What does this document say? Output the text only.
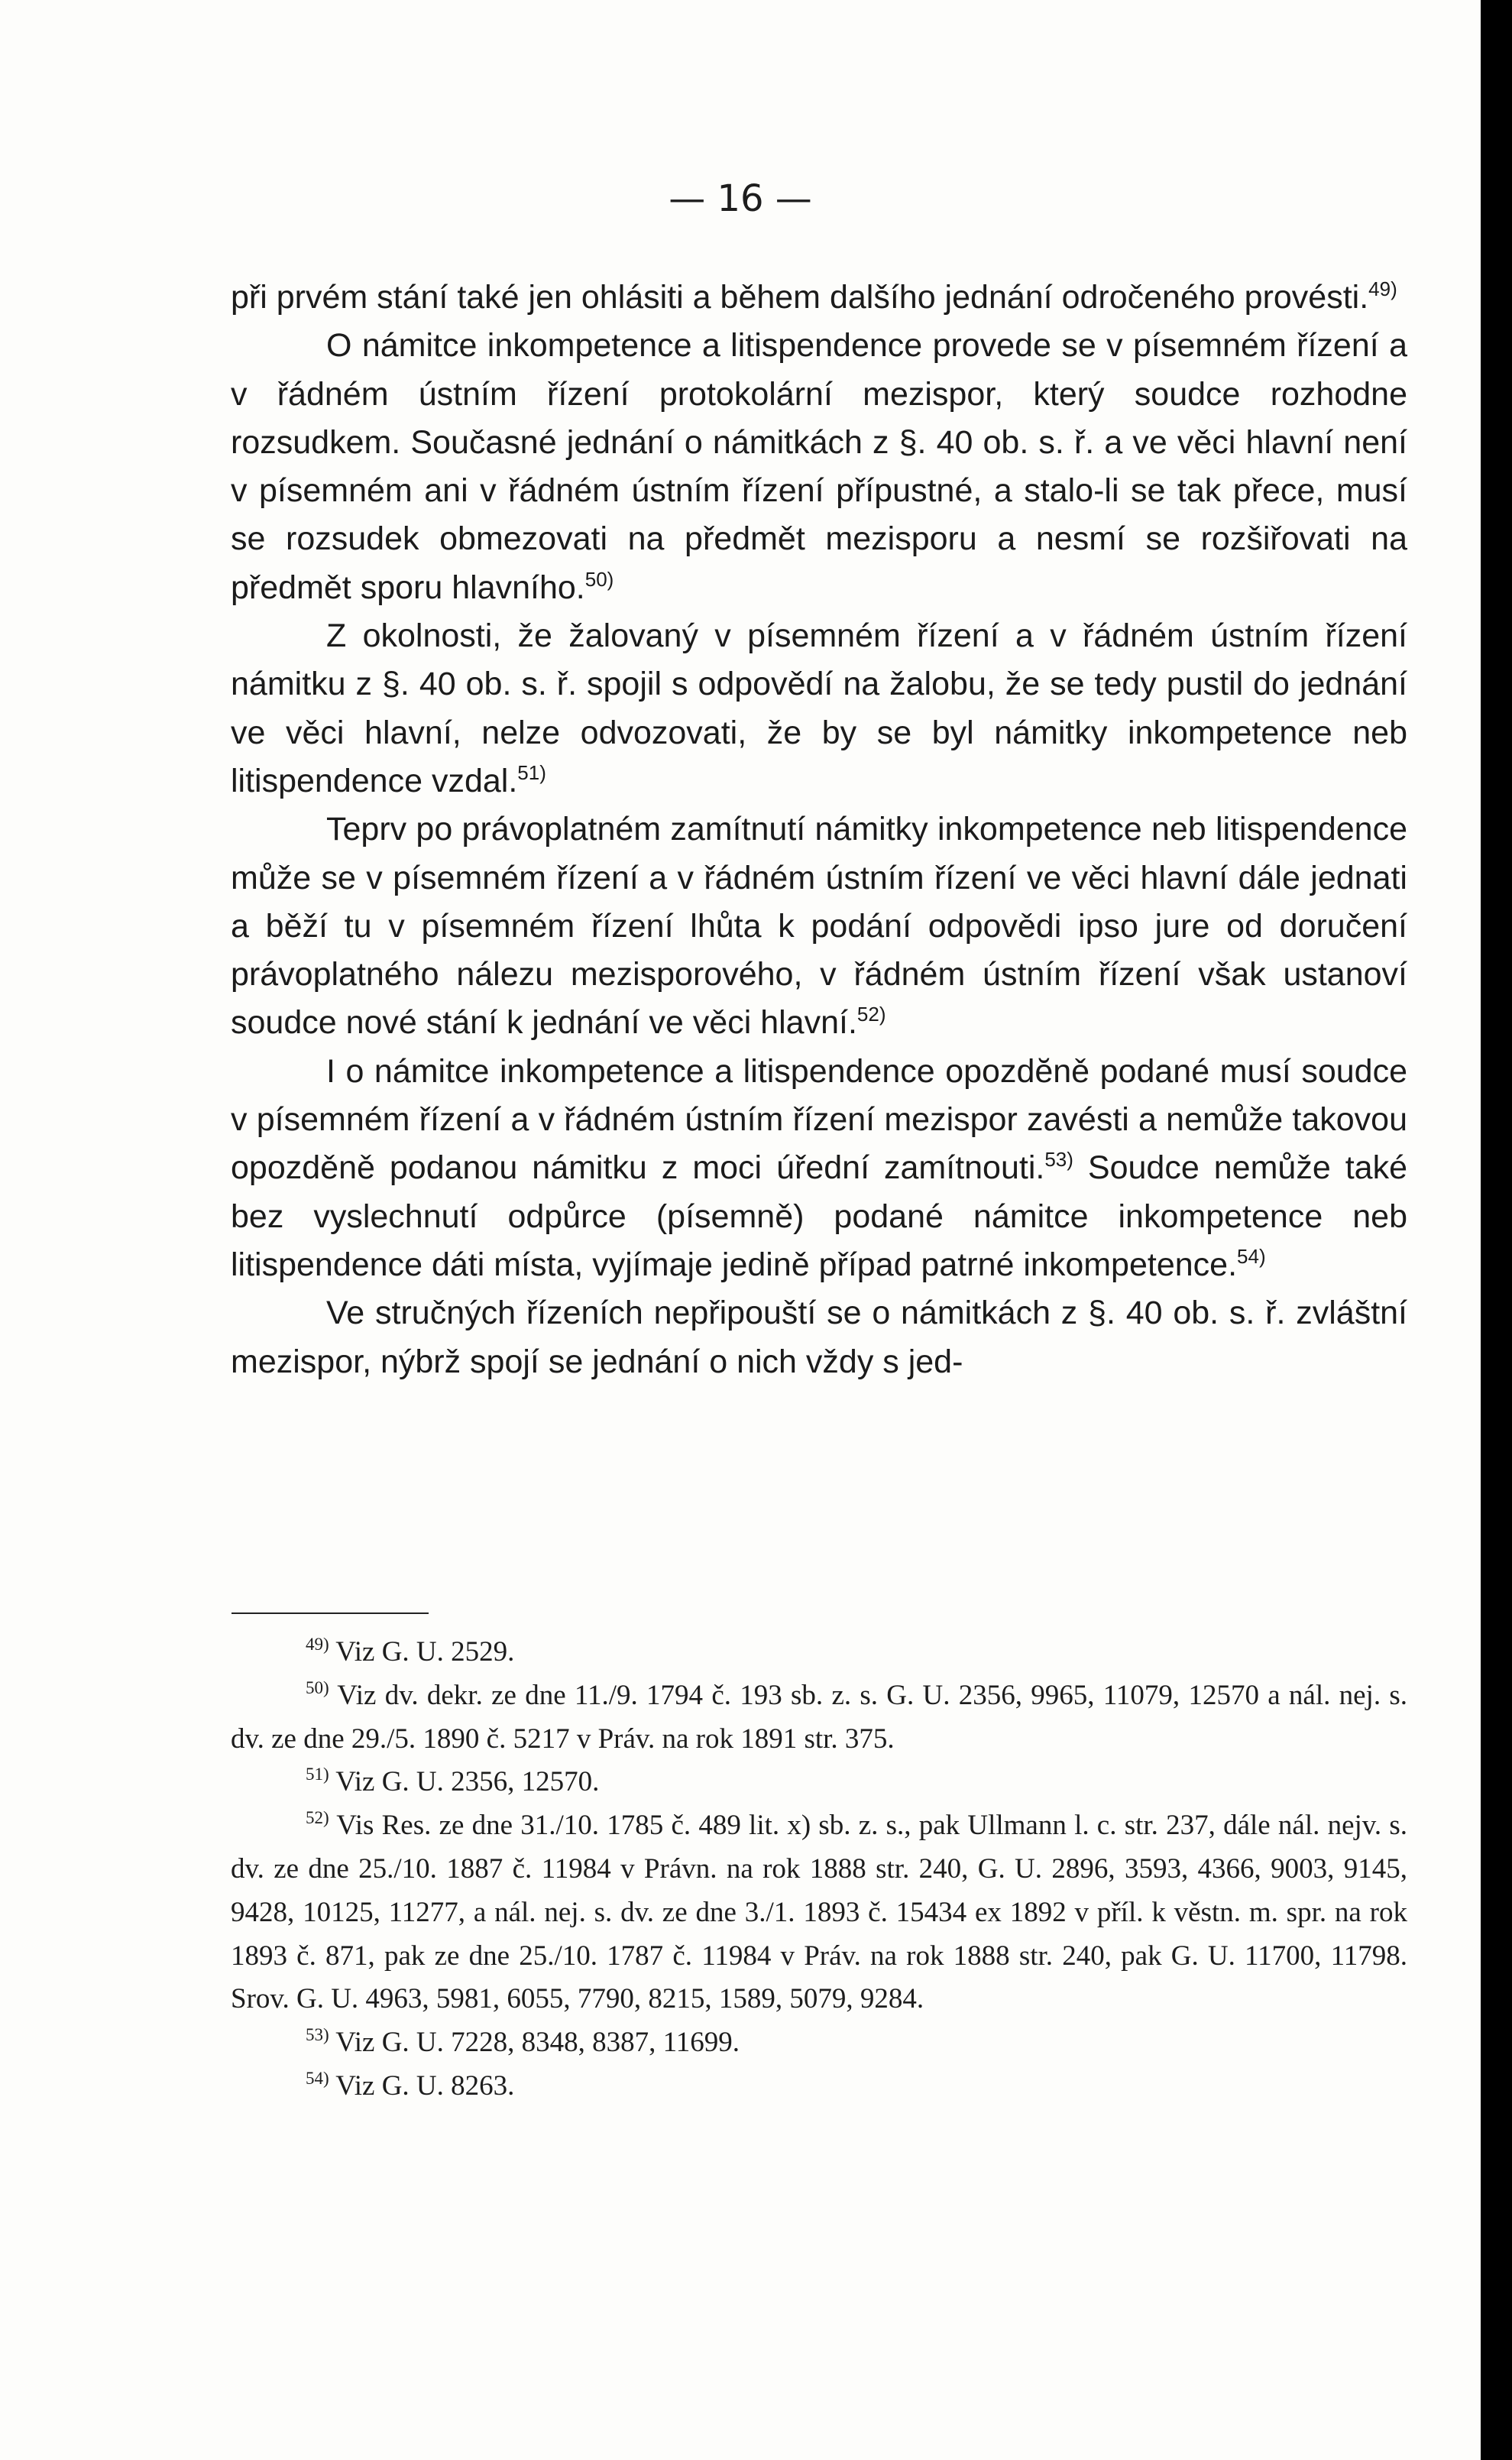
— 16 —

při prvém stání také jen ohlásiti a během dalšího jednání odročeného provésti.$^{49)}$

O námitce inkompetence a litispendence provede se v písemném řízení a v řádném ústním řízení protokolární mezispor, který soudce rozhodne rozsudkem. Současné jednání o námitkách z §. 40 ob. s. ř. a ve věci hlavní není v písemném ani v řádném ústním řízení přípustné, a stalo-li se tak přece, musí se rozsudek obmezovati na předmět mezisporu a nesmí se rozšiřovati na předmět sporu hlavního.$^{50)}$

Z okolnosti, že žalovaný v písemném řízení a v řádném ústním řízení námitku z §. 40 ob. s. ř. spojil s odpovědí na žalobu, že se tedy pustil do jednání ve věci hlavní, nelze odvozovati, že by se byl námitky inkompetence neb litispendence vzdal.$^{51)}$

Teprv po právoplatném zamítnutí námitky inkompetence neb litispendence může se v písemném řízení a v řádném ústním řízení ve věci hlavní dále jednati a běží tu v písemném řízení lhůta k podání odpovědi ipso jure od doručení právoplatného nálezu mezisporového, v řádném ústním řízení však ustanoví soudce nové stání k jednání ve věci hlavní.$^{52)}$

I o námitce inkompetence a litispendence opozdĕně podané musí soudce v písemném řízení a v řádném ústním řízení mezispor zavésti a nemůže takovou opozděně podanou námitku z moci úřední zamítnouti.$^{53)}$ Soudce nemůže také bez vyslechnutí odpůrce (písemně) podané námitce inkompetence neb litispendence dáti místa, vyjímaje jedině případ patrné inkompetence.$^{54)}$

Ve stručných řízeních nepřipouští se o námitkách z §. 40 ob. s. ř. zvláštní mezispor, nýbrž spojí se jednání o nich vždy s jed-

$^{49)}$ Viz G. U. 2529.

$^{50)}$ Viz dv. dekr. ze dne 11./9. 1794 č. 193 sb. z. s. G. U. 2356, 9965, 11079, 12570 a nál. nej. s. dv. ze dne 29./5. 1890 č. 5217 v Práv. na rok 1891 str. 375.

$^{51)}$ Viz G. U. 2356, 12570.

$^{52)}$ Vis Res. ze dne 31./10. 1785 č. 489 lit. x) sb. z. s., pak Ullmann l. c. str. 237, dále nál. nejv. s. dv. ze dne 25./10. 1887 č. 11984 v Právn. na rok 1888 str. 240, G. U. 2896, 3593, 4366, 9003, 9145, 9428, 10125, 11277, a nál. nej. s. dv. ze dne 3./1. 1893 č. 15434 ex 1892 v příl. k věstn. m. spr. na rok 1893 č. 871, pak ze dne 25./10. 1787 č. 11984 v Práv. na rok 1888 str. 240, pak G. U. 11700, 11798. Srov. G. U. 4963, 5981, 6055, 7790, 8215, 1589, 5079, 9284.

$^{53)}$ Viz G. U. 7228, 8348, 8387, 11699.

$^{54)}$ Viz G. U. 8263.
